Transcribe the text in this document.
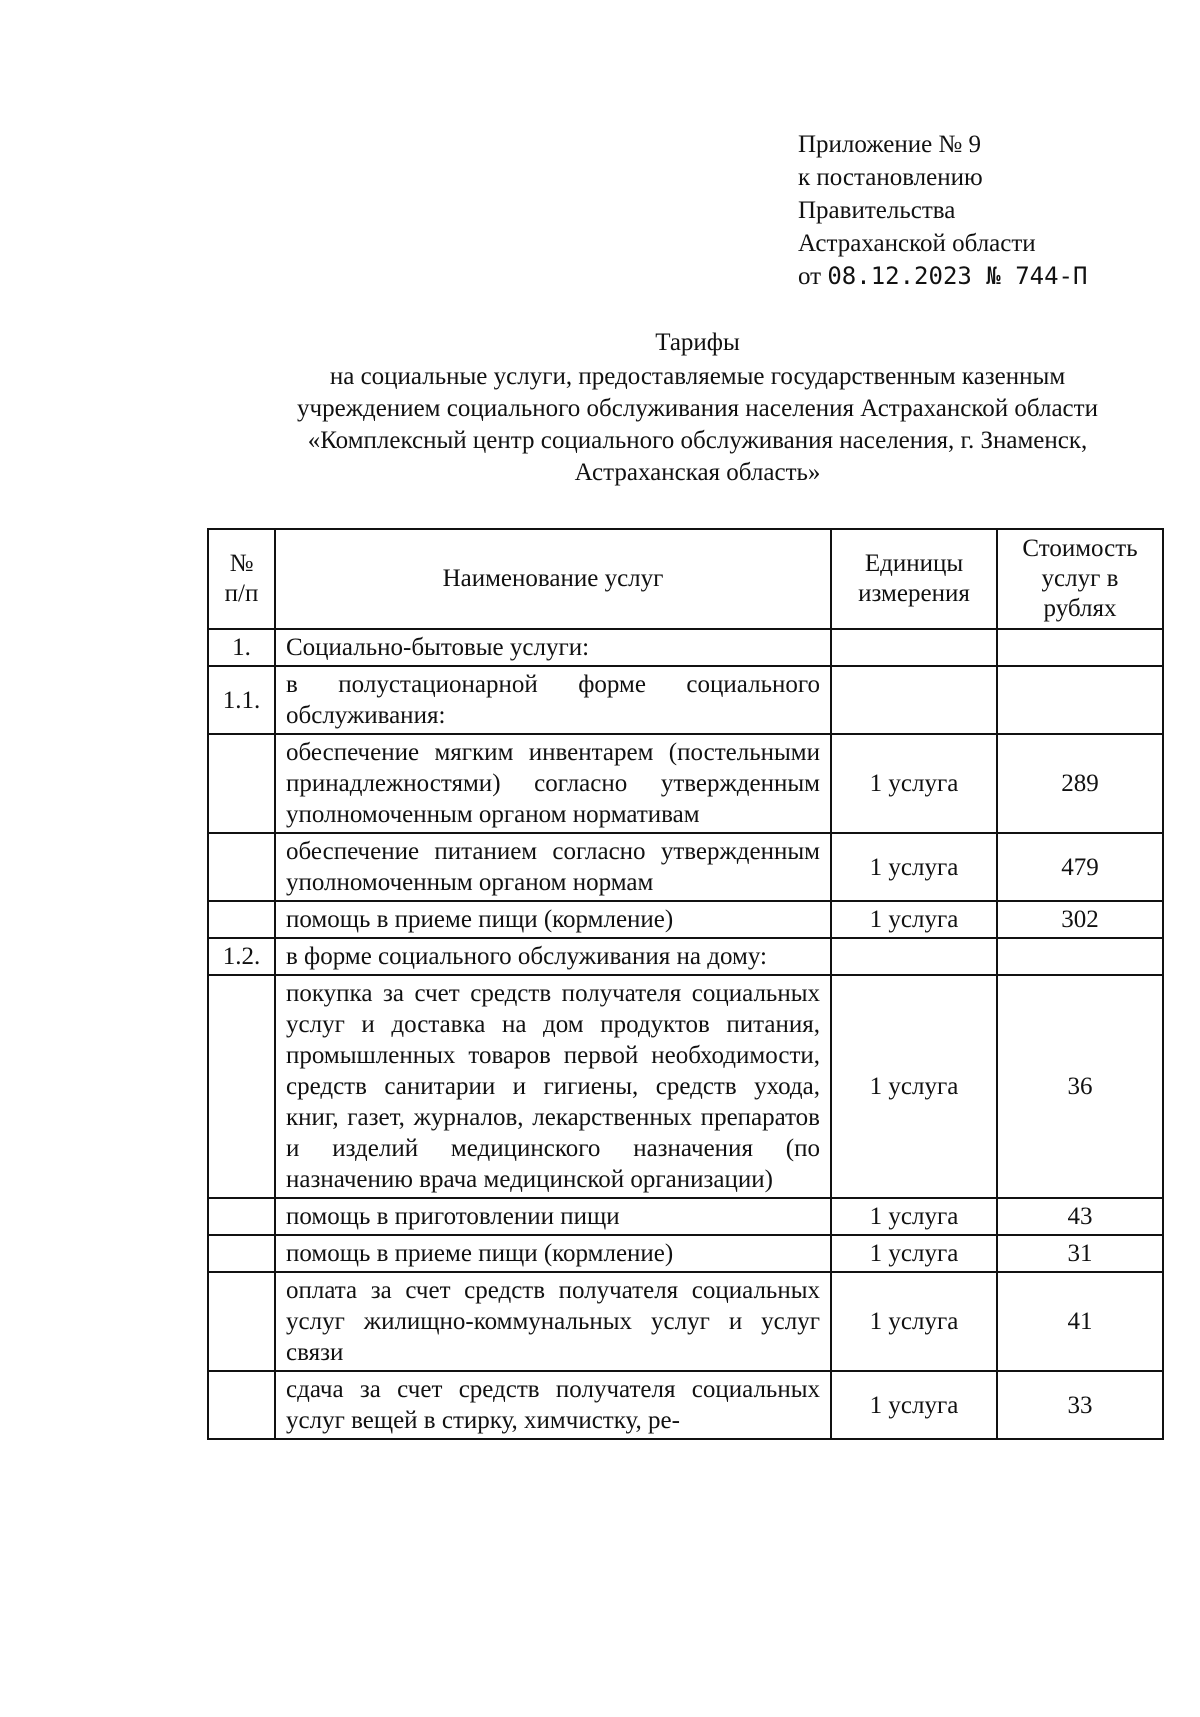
Приложение № 9
к постановлению
Правительства
Астраханской области
от 08.12.2023 № 744-П
Тарифы
на социальные услуги, предоставляемые государственным казенным
учреждением социального обслуживания населения Астраханской области
«Комплексный центр социального обслуживания населения, г. Знаменск,
Астраханская область»
№ п/п	Наименование услуг	Единицы измерения	Стоимость услуг в рублях
1.	Социально-бытовые услуги:		
1.1.	в полустационарной форме социального обслуживания:		
	обеспечение мягким инвентарем (постельными принадлежностями) согласно утвержденным уполномоченным органом нормативам	1 услуга	289
	обеспечение питанием согласно утвержденным уполномоченным органом нормам	1 услуга	479
	помощь в приеме пищи (кормление)	1 услуга	302
1.2.	в форме социального обслуживания на дому:		
	покупка за счет средств получателя социальных услуг и доставка на дом продуктов питания, промышленных товаров первой необходимости, средств санитарии и гигиены, средств ухода, книг, газет, журналов, лекарственных препаратов и изделий медицинского назначения (по назначению врача медицинской организации)	1 услуга	36
	помощь в приготовлении пищи	1 услуга	43
	помощь в приеме пищи (кормление)	1 услуга	31
	оплата за счет средств получателя социальных услуг жилищно-коммунальных услуг и услуг связи	1 услуга	41
	сдача за счет средств получателя социальных услуг вещей в стирку, химчистку, ре-	1 услуга	33
